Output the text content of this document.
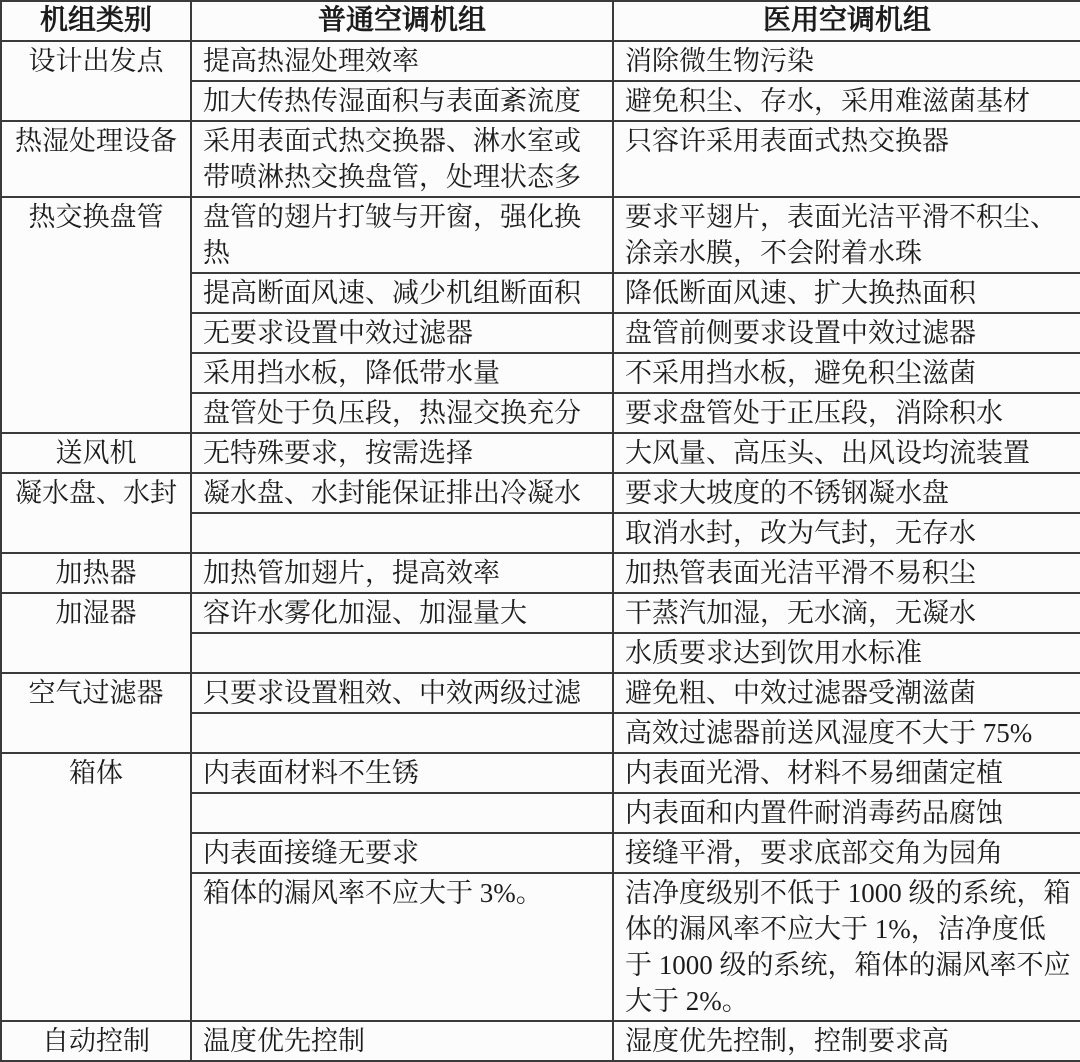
机组类别	普通空调机组	医用空调机组
设计出发点	提高热湿处理效率	消除微生物污染
	加大传热传湿面积与表面紊流度	避免积尘、存水，采用难滋菌基材
热湿处理设备	采用表面式热交换器、淋水室或带喷淋热交换盘管，处理状态多	只容许采用表面式热交换器
热交换盘管	盘管的翅片打皱与开窗，强化换热	要求平翅片，表面光洁平滑不积尘、涂亲水膜，不会附着水珠
	提高断面风速、减少机组断面积	降低断面风速、扩大换热面积
	无要求设置中效过滤器	盘管前侧要求设置中效过滤器
	采用挡水板，降低带水量	不采用挡水板，避免积尘滋菌
	盘管处于负压段，热湿交换充分	要求盘管处于正压段，消除积水
送风机	无特殊要求，按需选择	大风量、高压头、出风设均流装置
凝水盘、水封	凝水盘、水封能保证排出冷凝水	要求大坡度的不锈钢凝水盘
		取消水封，改为气封，无存水
加热器	加热管加翅片，提高效率	加热管表面光洁平滑不易积尘
加湿器	容许水雾化加湿、加湿量大	干蒸汽加湿，无水滴，无凝水
		水质要求达到饮用水标准
空气过滤器	只要求设置粗效、中效两级过滤	避免粗、中效过滤器受潮滋菌
		高效过滤器前送风湿度不大于 75%
箱体	内表面材料不生锈	内表面光滑、材料不易细菌定植
		内表面和内置件耐消毒药品腐蚀
	内表面接缝无要求	接缝平滑，要求底部交角为园角
	箱体的漏风率不应大于 3%。	洁净度级别不低于 1000 级的系统，箱体的漏风率不应大于 1%，洁净度低于 1000 级的系统，箱体的漏风率不应大于 2%。
自动控制	温度优先控制	湿度优先控制，控制要求高
